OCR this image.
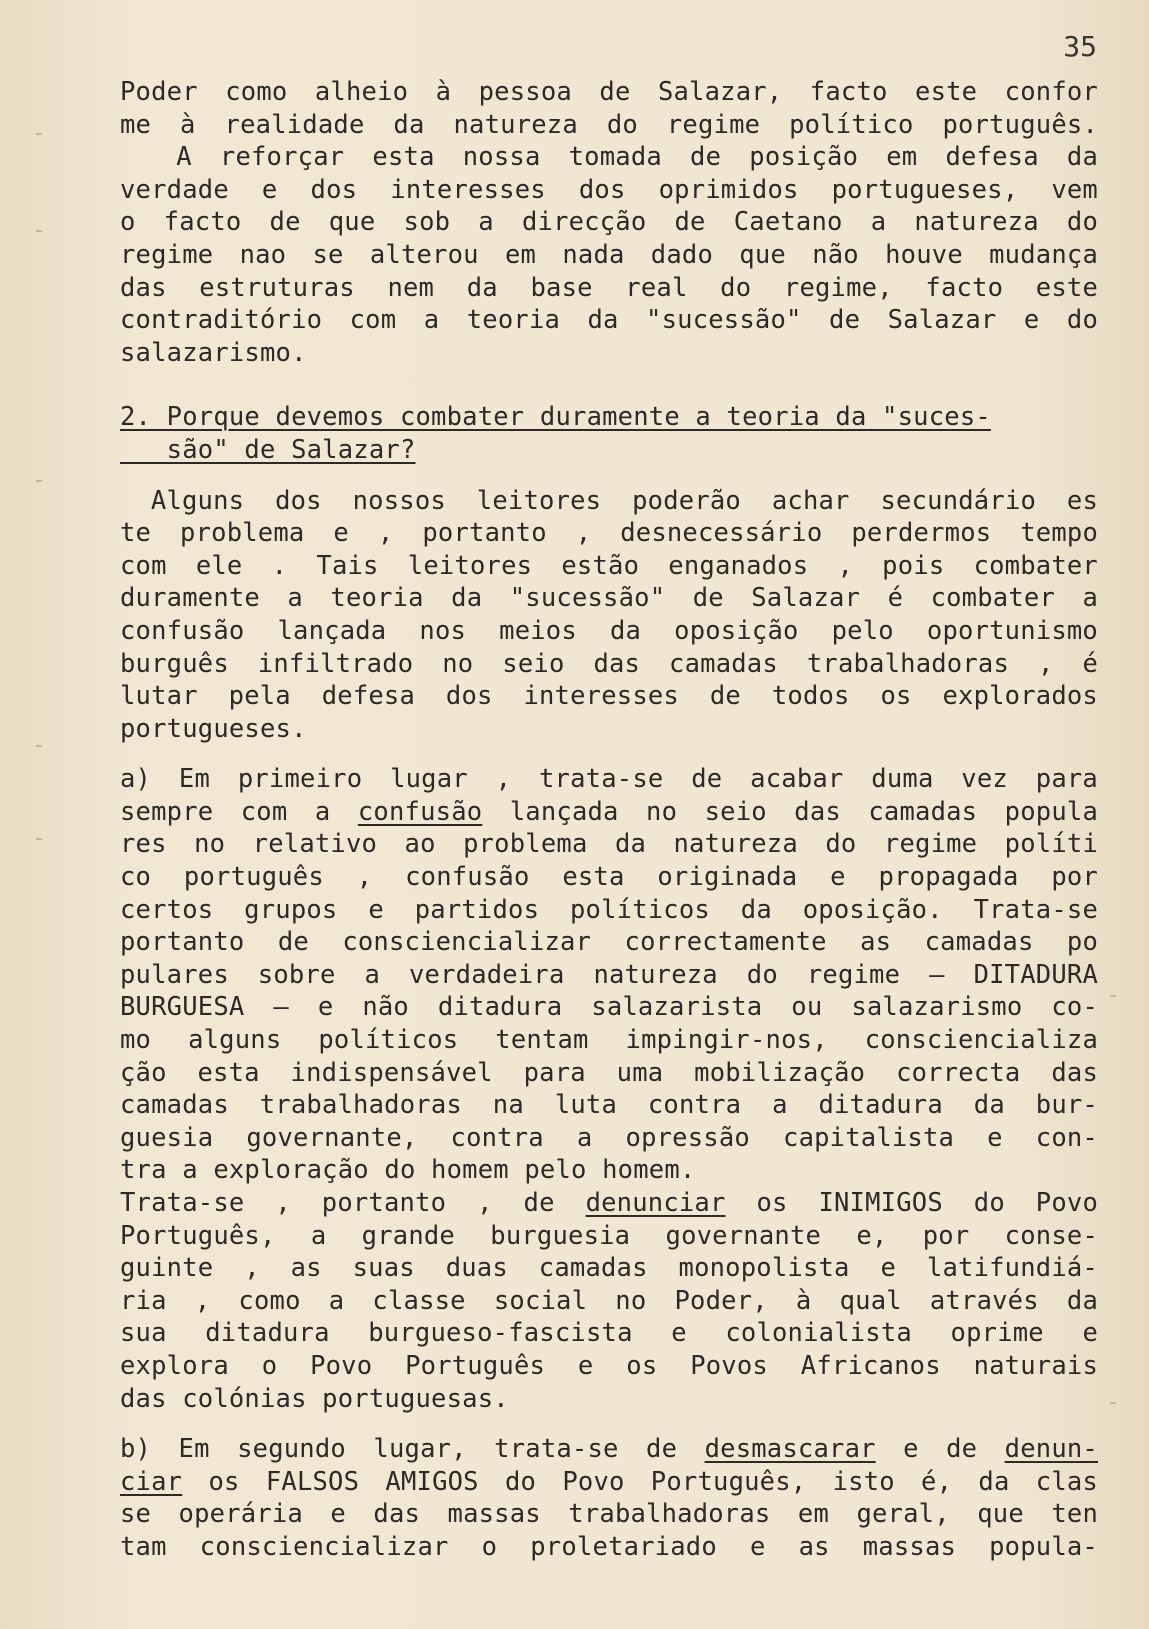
35
Poder como alheio à pessoa de Salazar, facto este confor
me à realidade da natureza do regime político português.
A reforçar esta nossa tomada de posição em defesa da
verdade e dos interesses dos oprimidos portugueses, vem
o facto de que sob a direcção de Caetano a natureza do
regime nao se alterou em nada dado que não houve mudança
das estruturas nem da base real do regime, facto este
contraditório com a teoria da "sucessão" de Salazar e do
salazarismo.
2. Porque devemos combater duramente a teoria da "suces-
são" de Salazar?
Alguns dos nossos leitores poderão achar secundário es
te problema e , portanto , desnecessário perdermos tempo
com ele . Tais leitores estão enganados , pois combater
duramente a teoria da "sucessão" de Salazar é combater a
confusão lançada nos meios da oposição pelo oportunismo
burguês infiltrado no seio das camadas trabalhadoras , é
lutar pela defesa dos interesses de todos os explorados
portugueses.
a) Em primeiro lugar , trata-se de acabar duma vez para
sempre com a confusão lançada no seio das camadas popula
res no relativo ao problema da natureza do regime políti
co português , confusão esta originada e propagada por
certos grupos e partidos políticos da oposição. Trata-se
portanto de consciencializar correctamente as camadas po
pulares sobre a verdadeira natureza do regime — DITADURA
BURGUESA — e não ditadura salazarista ou salazarismo co-
mo alguns políticos tentam impingir-nos, consciencializa
ção esta indispensável para uma mobilização correcta das
camadas trabalhadoras na luta contra a ditadura da bur-
guesia governante, contra a opressão capitalista e con-
tra a exploração do homem pelo homem.
Trata-se , portanto , de denunciar os INIMIGOS do Povo
Português, a grande burguesia governante e, por conse-
guinte , as suas duas camadas monopolista e latifundiá-
ria , como a classe social no Poder, à qual através da
sua ditadura burgueso-fascista e colonialista oprime e
explora o Povo Português e os Povos Africanos naturais
das colónias portuguesas.
b) Em segundo lugar, trata-se de desmascarar e de denun-
ciar os FALSOS AMIGOS do Povo Português, isto é, da clas
se operária e das massas trabalhadoras em geral, que ten
tam consciencializar o proletariado e as massas popula-
